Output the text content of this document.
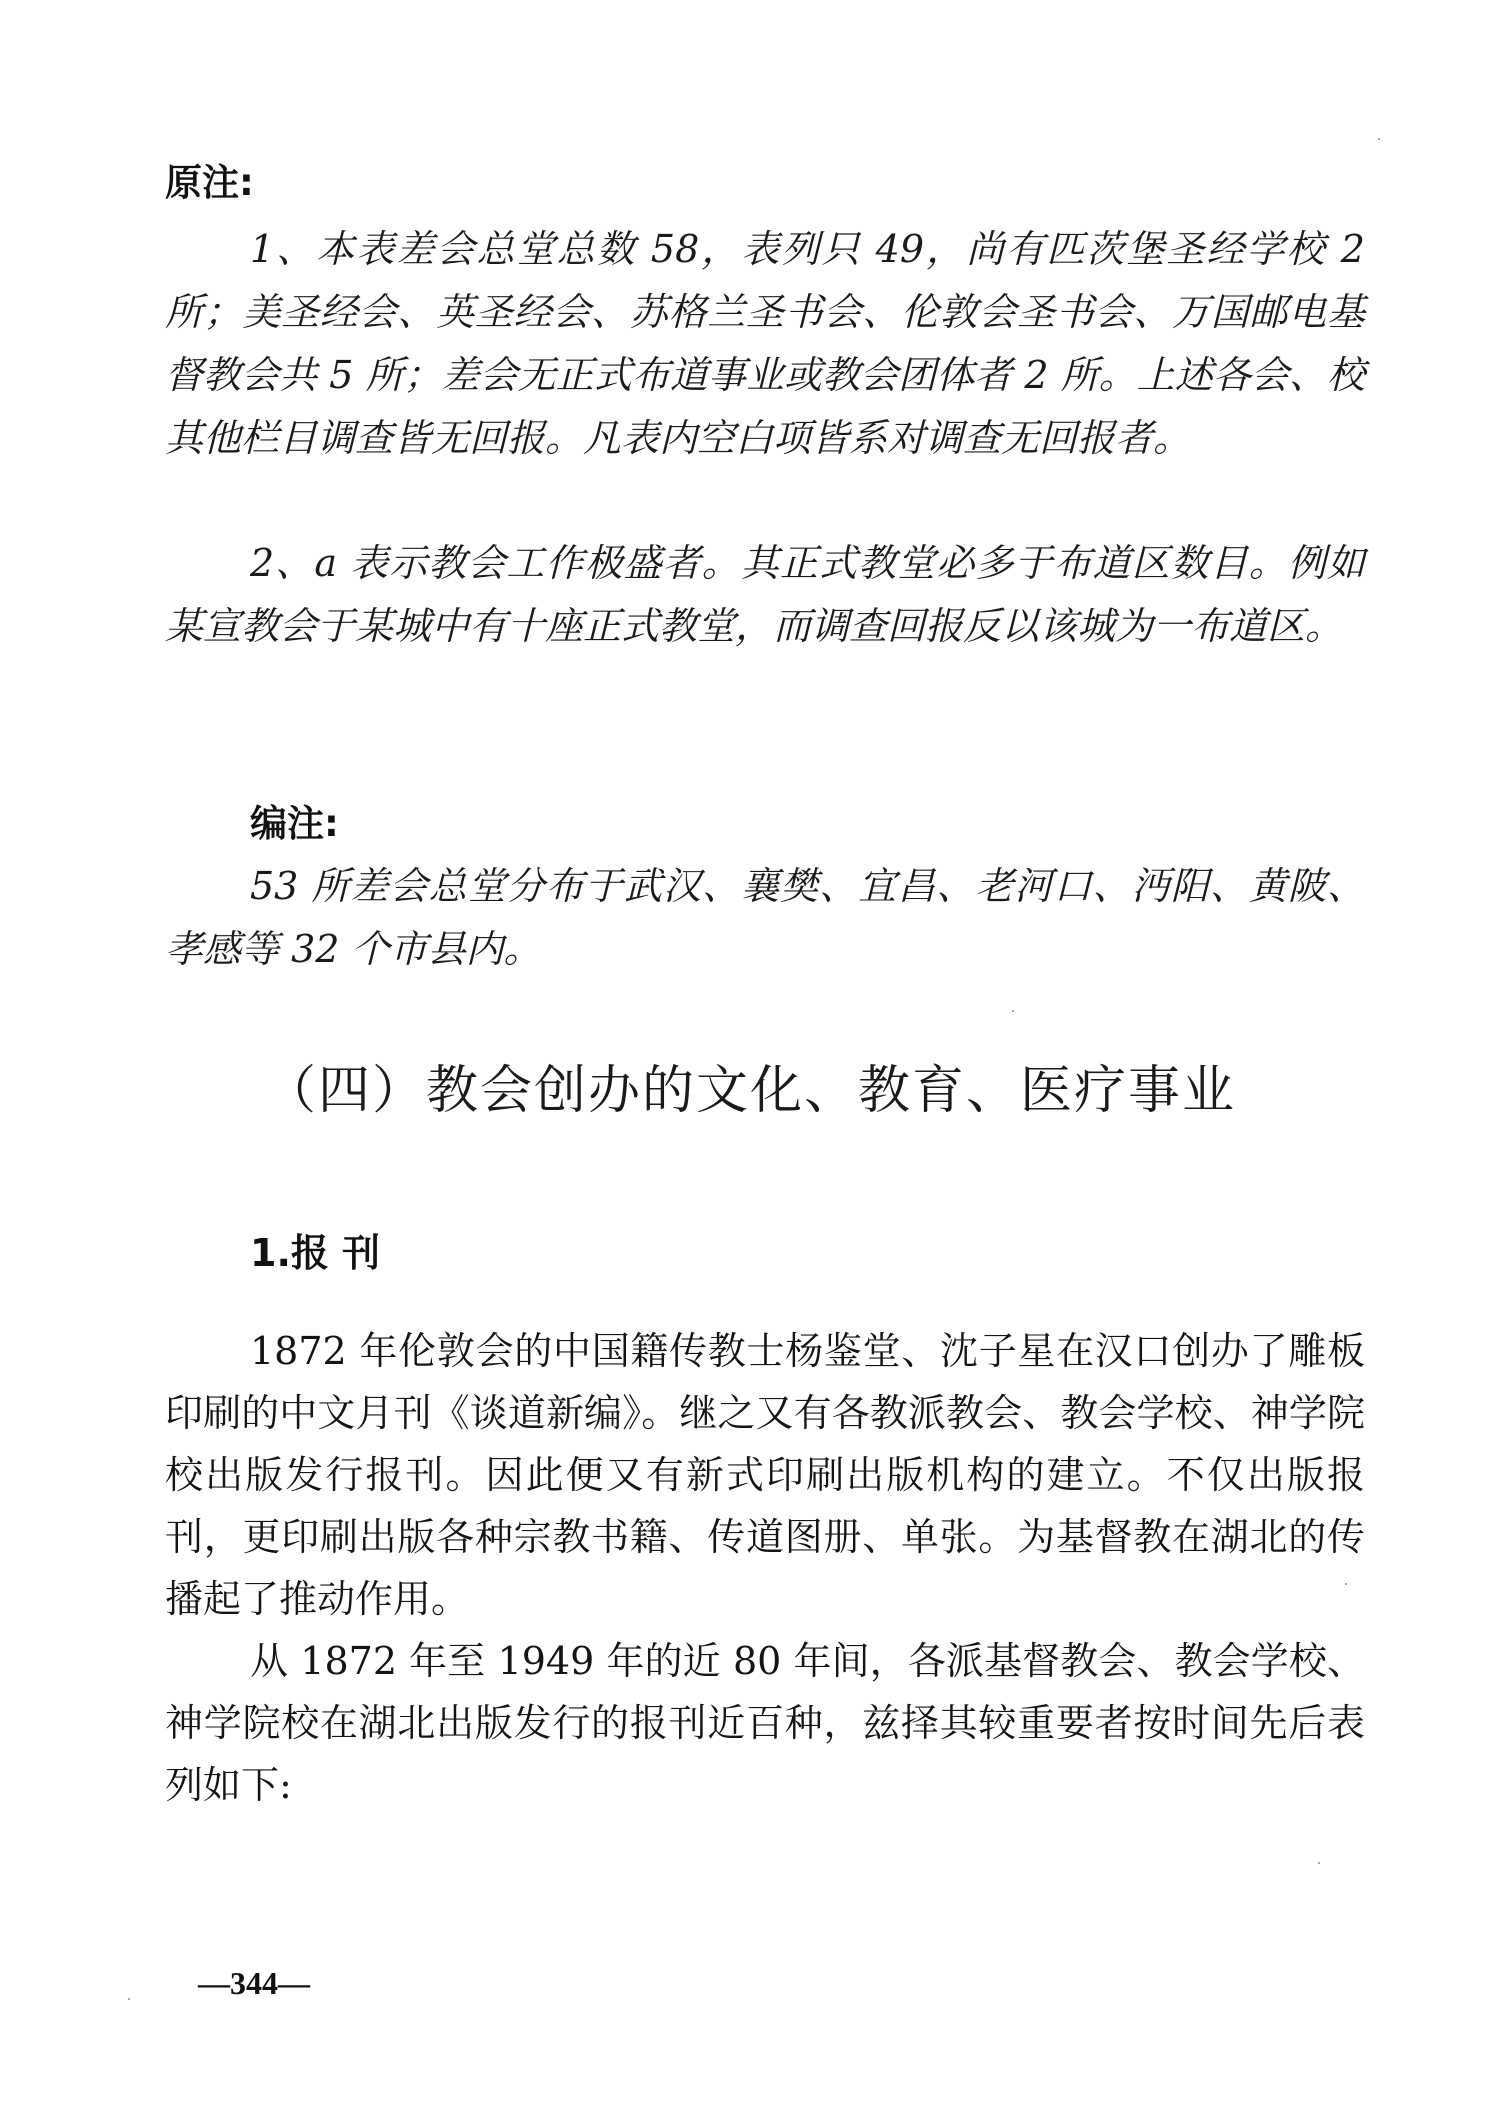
原注:
1、本表差会总堂总数 58，表列只 49，尚有匹茨堡圣经学校 2 所；美圣经会、英圣经会、苏格兰圣书会、伦敦会圣书会、万国邮电基督教会共 5 所；差会无正式布道事业或教会团体者 2 所。上述各会、校其他栏目调查皆无回报。凡表内空白项皆系对调查无回报者。
2、a 表示教会工作极盛者。其正式教堂必多于布道区数目。例如某宣教会于某城中有十座正式教堂，而调查回报反以该城为一布道区。
编注:
53 所差会总堂分布于武汉、襄樊、宜昌、老河口、沔阳、黄陂、孝感等 32 个市县内。
（四）教会创办的文化、教育、医疗事业
1.报 刊
1872 年伦敦会的中国籍传教士杨鉴堂、沈子星在汉口创办了雕板印刷的中文月刊《谈道新编》。继之又有各教派教会、教会学校、神学院校出版发行报刊。因此便又有新式印刷出版机构的建立。不仅出版报刊，更印刷出版各种宗教书籍、传道图册、单张。为基督教在湖北的传播起了推动作用。
从 1872 年至 1949 年的近 80 年间，各派基督教会、教会学校、神学院校在湖北出版发行的报刊近百种，兹择其较重要者按时间先后表列如下:
—344—
